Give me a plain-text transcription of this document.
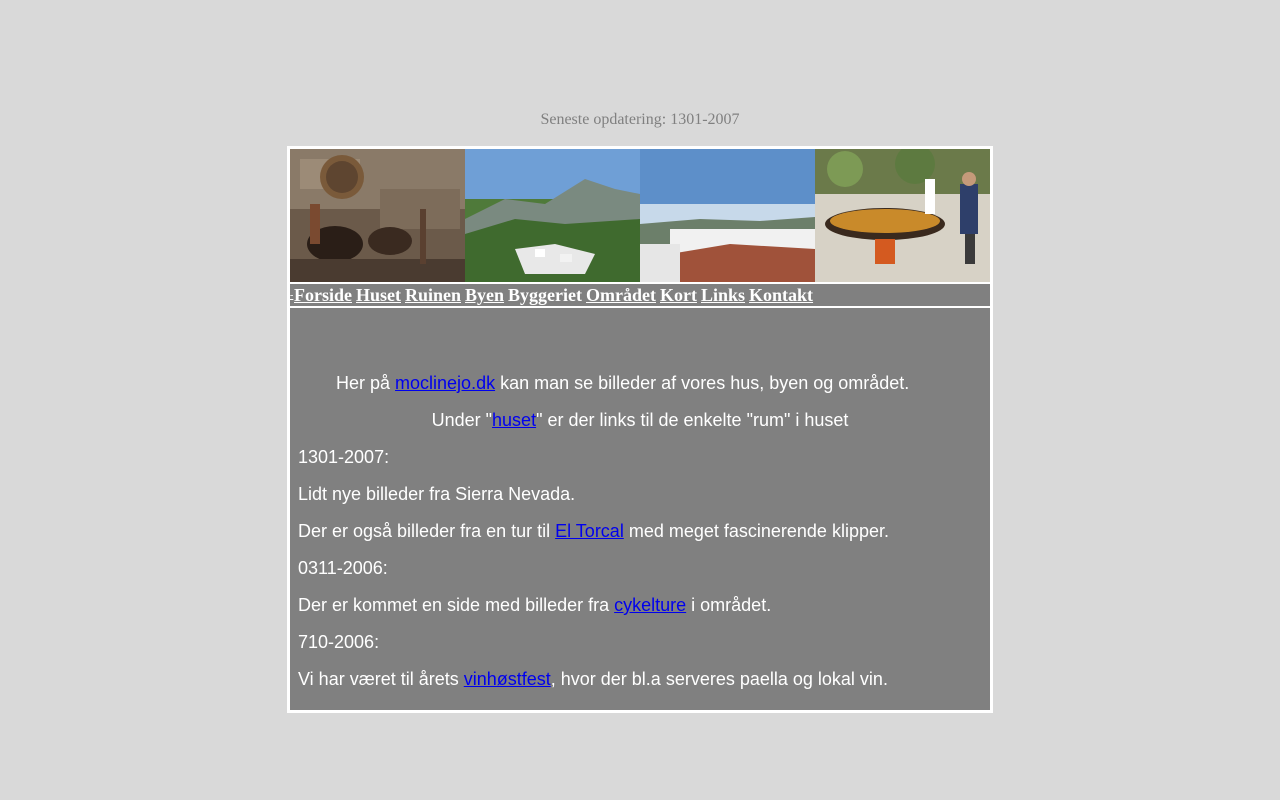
Seneste opdatering: 1301-2007
- Forside Huset Ruinen Byen Byggeriet Området Kort Links Kontakt

Her på moclinejo.dk kan man se billeder af vores hus, byen og området.

Under "huset" er der links til de enkelte "rum" i huset

1301-2007:

Lidt nye billeder fra Sierra Nevada.

Der er også billeder fra en tur til El Torcal med meget fascinerende klipper.

0311-2006:

Der er kommet en side med billeder fra cykelture i området.

710-2006:

Vi har været til årets vinhøstfest, hvor der bl.a serveres paella og lokal vin.
